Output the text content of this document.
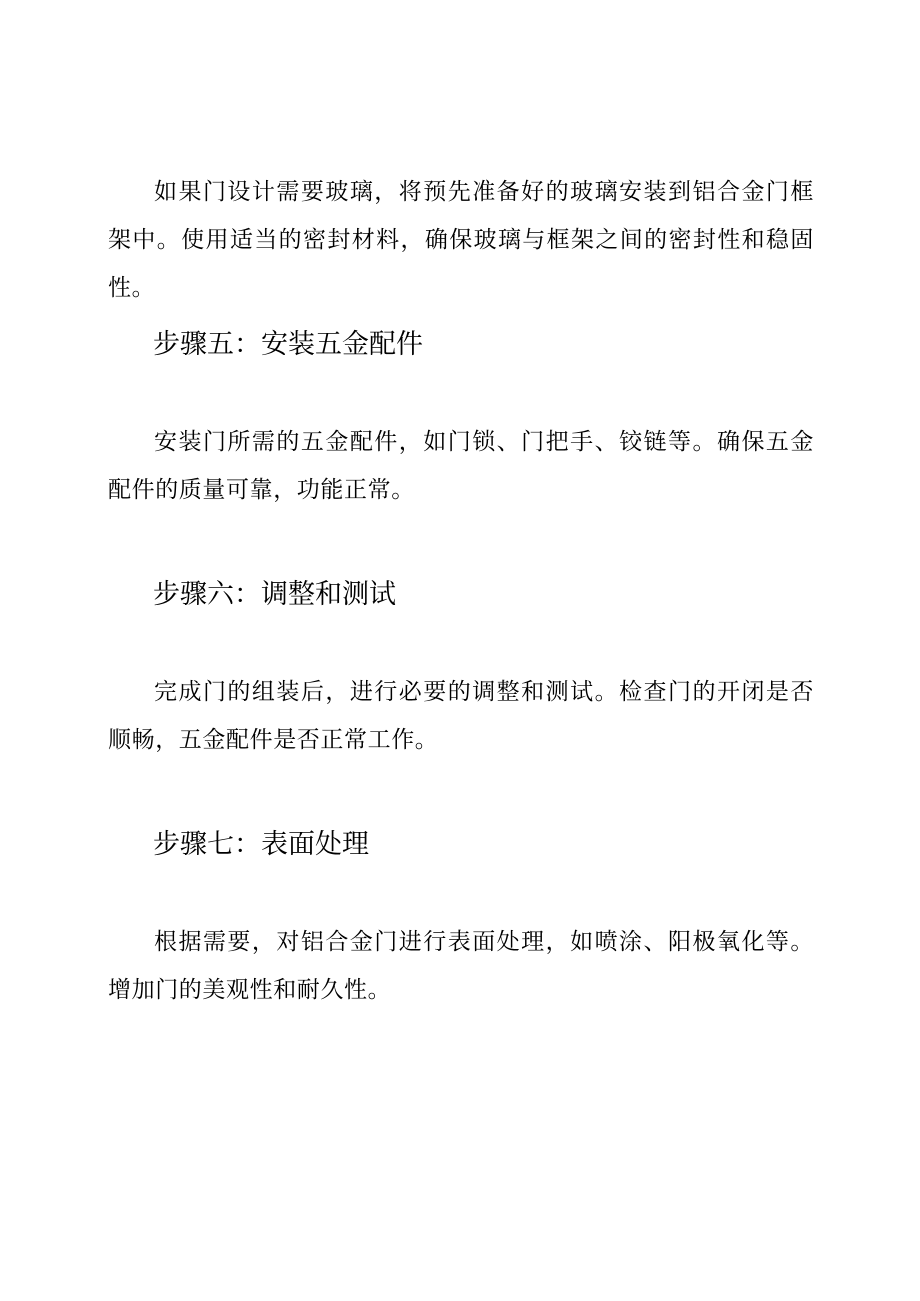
如果门设计需要玻璃，将预先准备好的玻璃安装到铝合金门框架中。使用适当的密封材料，确保玻璃与框架之间的密封性和稳固性。

步骤五：安装五金配件

安装门所需的五金配件，如门锁、门把手、铰链等。确保五金配件的质量可靠，功能正常。

步骤六：调整和测试

完成门的组装后，进行必要的调整和测试。检查门的开闭是否顺畅，五金配件是否正常工作。

步骤七：表面处理

根据需要，对铝合金门进行表面处理，如喷涂、阳极氧化等。增加门的美观性和耐久性。
